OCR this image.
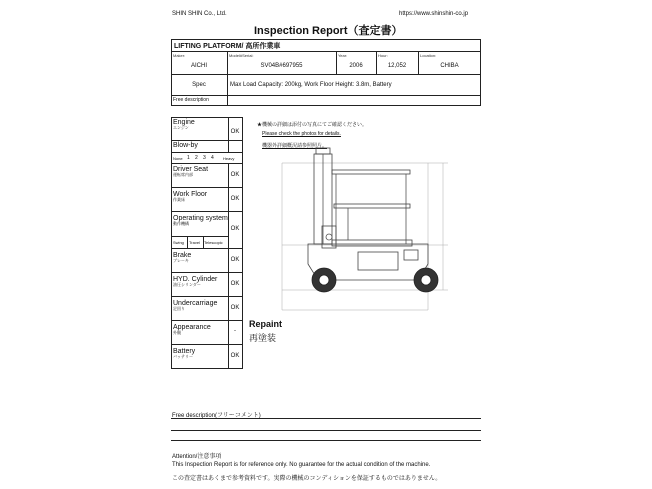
SHIN SHIN Co., Ltd.	https://www.shinshin-co.jp
Inspection Report（査定書）
LIFTING PLATFORM/ 高所作業車
Maker:
AICHI
Model#Serial:
SV04B#697955
Year:
2006
Hour:
12,052
Location:
CHIBA
Spec	Max Load Capacity: 200kg, Work Floor Height: 3.8m, Battery
Free description
Engine
エンジン
OK
Blow-by
None 1 2 3 4 Heavy
Driver Seat
運転席内部	OK
Work Floor
作業床	OK
Operating system
動作機構
OK
Swing Travel Telescopic
Brake
ブレーキ	OK
HYD. Cylinder
油圧シリンダー	OK
Undercarriage
足回り	OK
Appearance
外観	-
Battery
バッテリー	OK
★機械の詳細は添付の写真にてご確認ください。
Please check the photos for details.
機器外詳細概況請参照照片。
Repaint
再塗装
Free description(フリーコメント)
Attention/注意事項
This Inspection Report is for reference only. No guarantee for the actual condition of the machine.
この査定書はあくまで参考資料です。実際の機械のコンディションを保証するものではありません。
